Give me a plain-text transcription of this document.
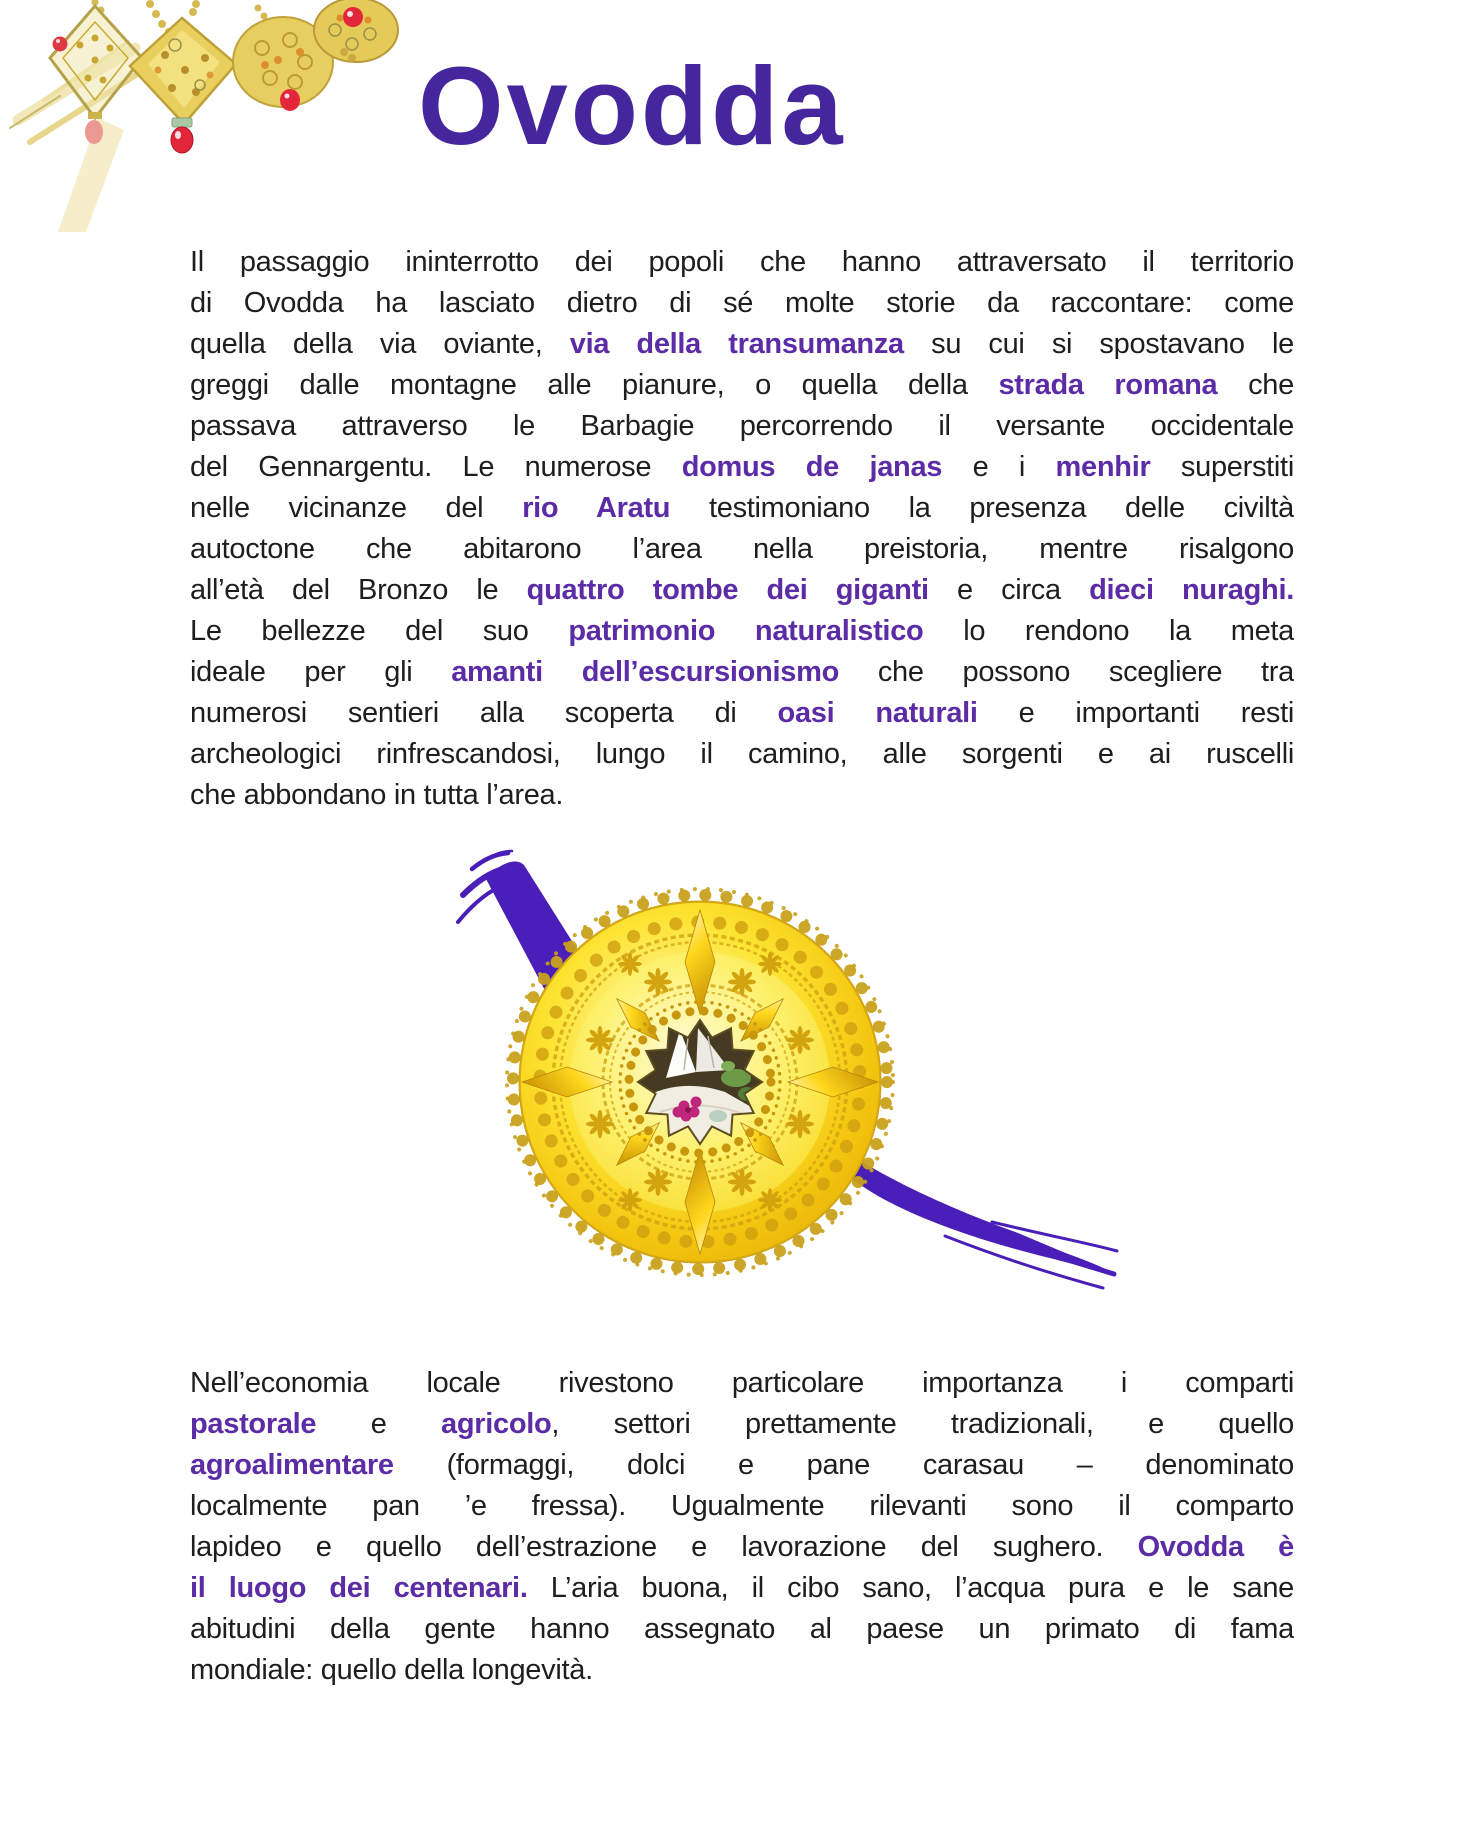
Ovodda
Il passaggio ininterrotto dei popoli che hanno attraversato il territorio
di Ovodda ha lasciato dietro di sé molte storie da raccontare: come
quella della via oviante, via della transumanza su cui si spostavano le
greggi dalle montagne alle pianure, o quella della strada romana che
passava attraverso le Barbagie percorrendo il versante occidentale
del Gennargentu. Le numerose domus de janas e i menhir superstiti
nelle vicinanze del rio Aratu testimoniano la presenza delle civiltà
autoctone che abitarono l’area nella preistoria, mentre risalgono
all’età del Bronzo le quattro tombe dei giganti e circa dieci nuraghi.
Le bellezze del suo patrimonio naturalistico lo rendono la meta
ideale per gli amanti dell’escursionismo che possono scegliere tra
numerosi sentieri alla scoperta di oasi naturali e importanti resti
archeologici rinfrescandosi, lungo il camino, alle sorgenti e ai ruscelli
che abbondano in tutta l’area.
Nell’economia locale rivestono particolare importanza i comparti
pastorale e agricolo, settori prettamente tradizionali, e quello
agroalimentare (formaggi, dolci e pane carasau – denominato
localmente pan ’e fressa). Ugualmente rilevanti sono il comparto
lapideo e quello dell’estrazione e lavorazione del sughero. Ovodda è
il luogo dei centenari. L’aria buona, il cibo sano, l’acqua pura e le sane
abitudini della gente hanno assegnato al paese un primato di fama
mondiale: quello della longevità.
